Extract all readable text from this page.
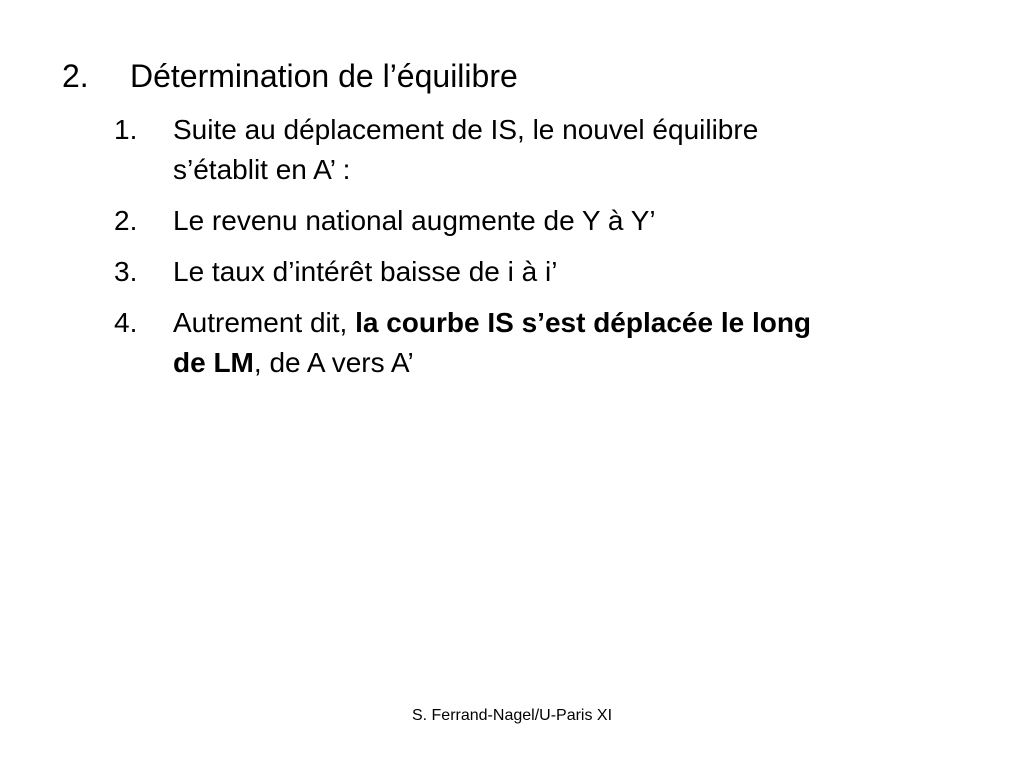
2. Détermination de l’équilibre
1. Suite au déplacement de IS, le nouvel équilibre
s’établit en A’ :
2. Le revenu national augmente de Y à Y’
3. Le taux d’intérêt baisse de i à i’
4. Autrement dit, la courbe IS s’est déplacée le long
de LM, de A vers A’
S. Ferrand-Nagel/U-Paris XI
